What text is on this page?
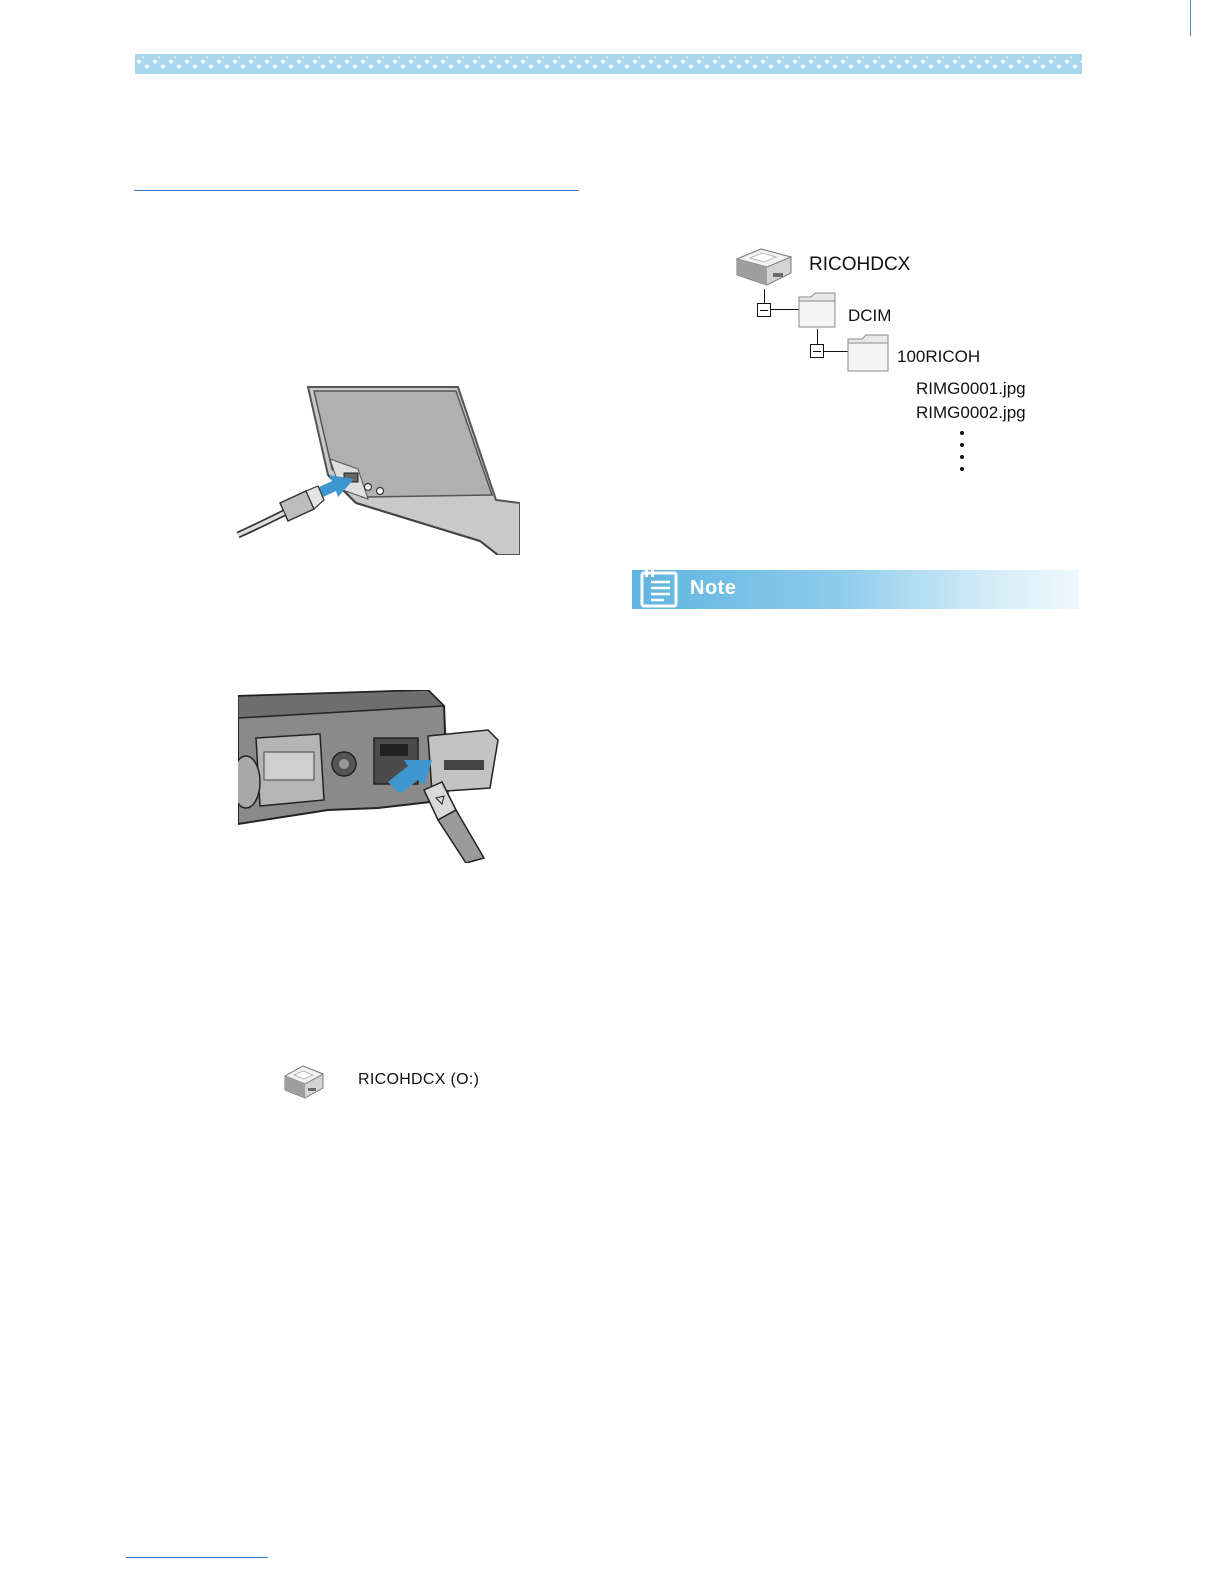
RICOHDCX (O:)
RICOHDCX
DCIM
100RICOH
RIMG0001.jpg
RIMG0002.jpg
Note
